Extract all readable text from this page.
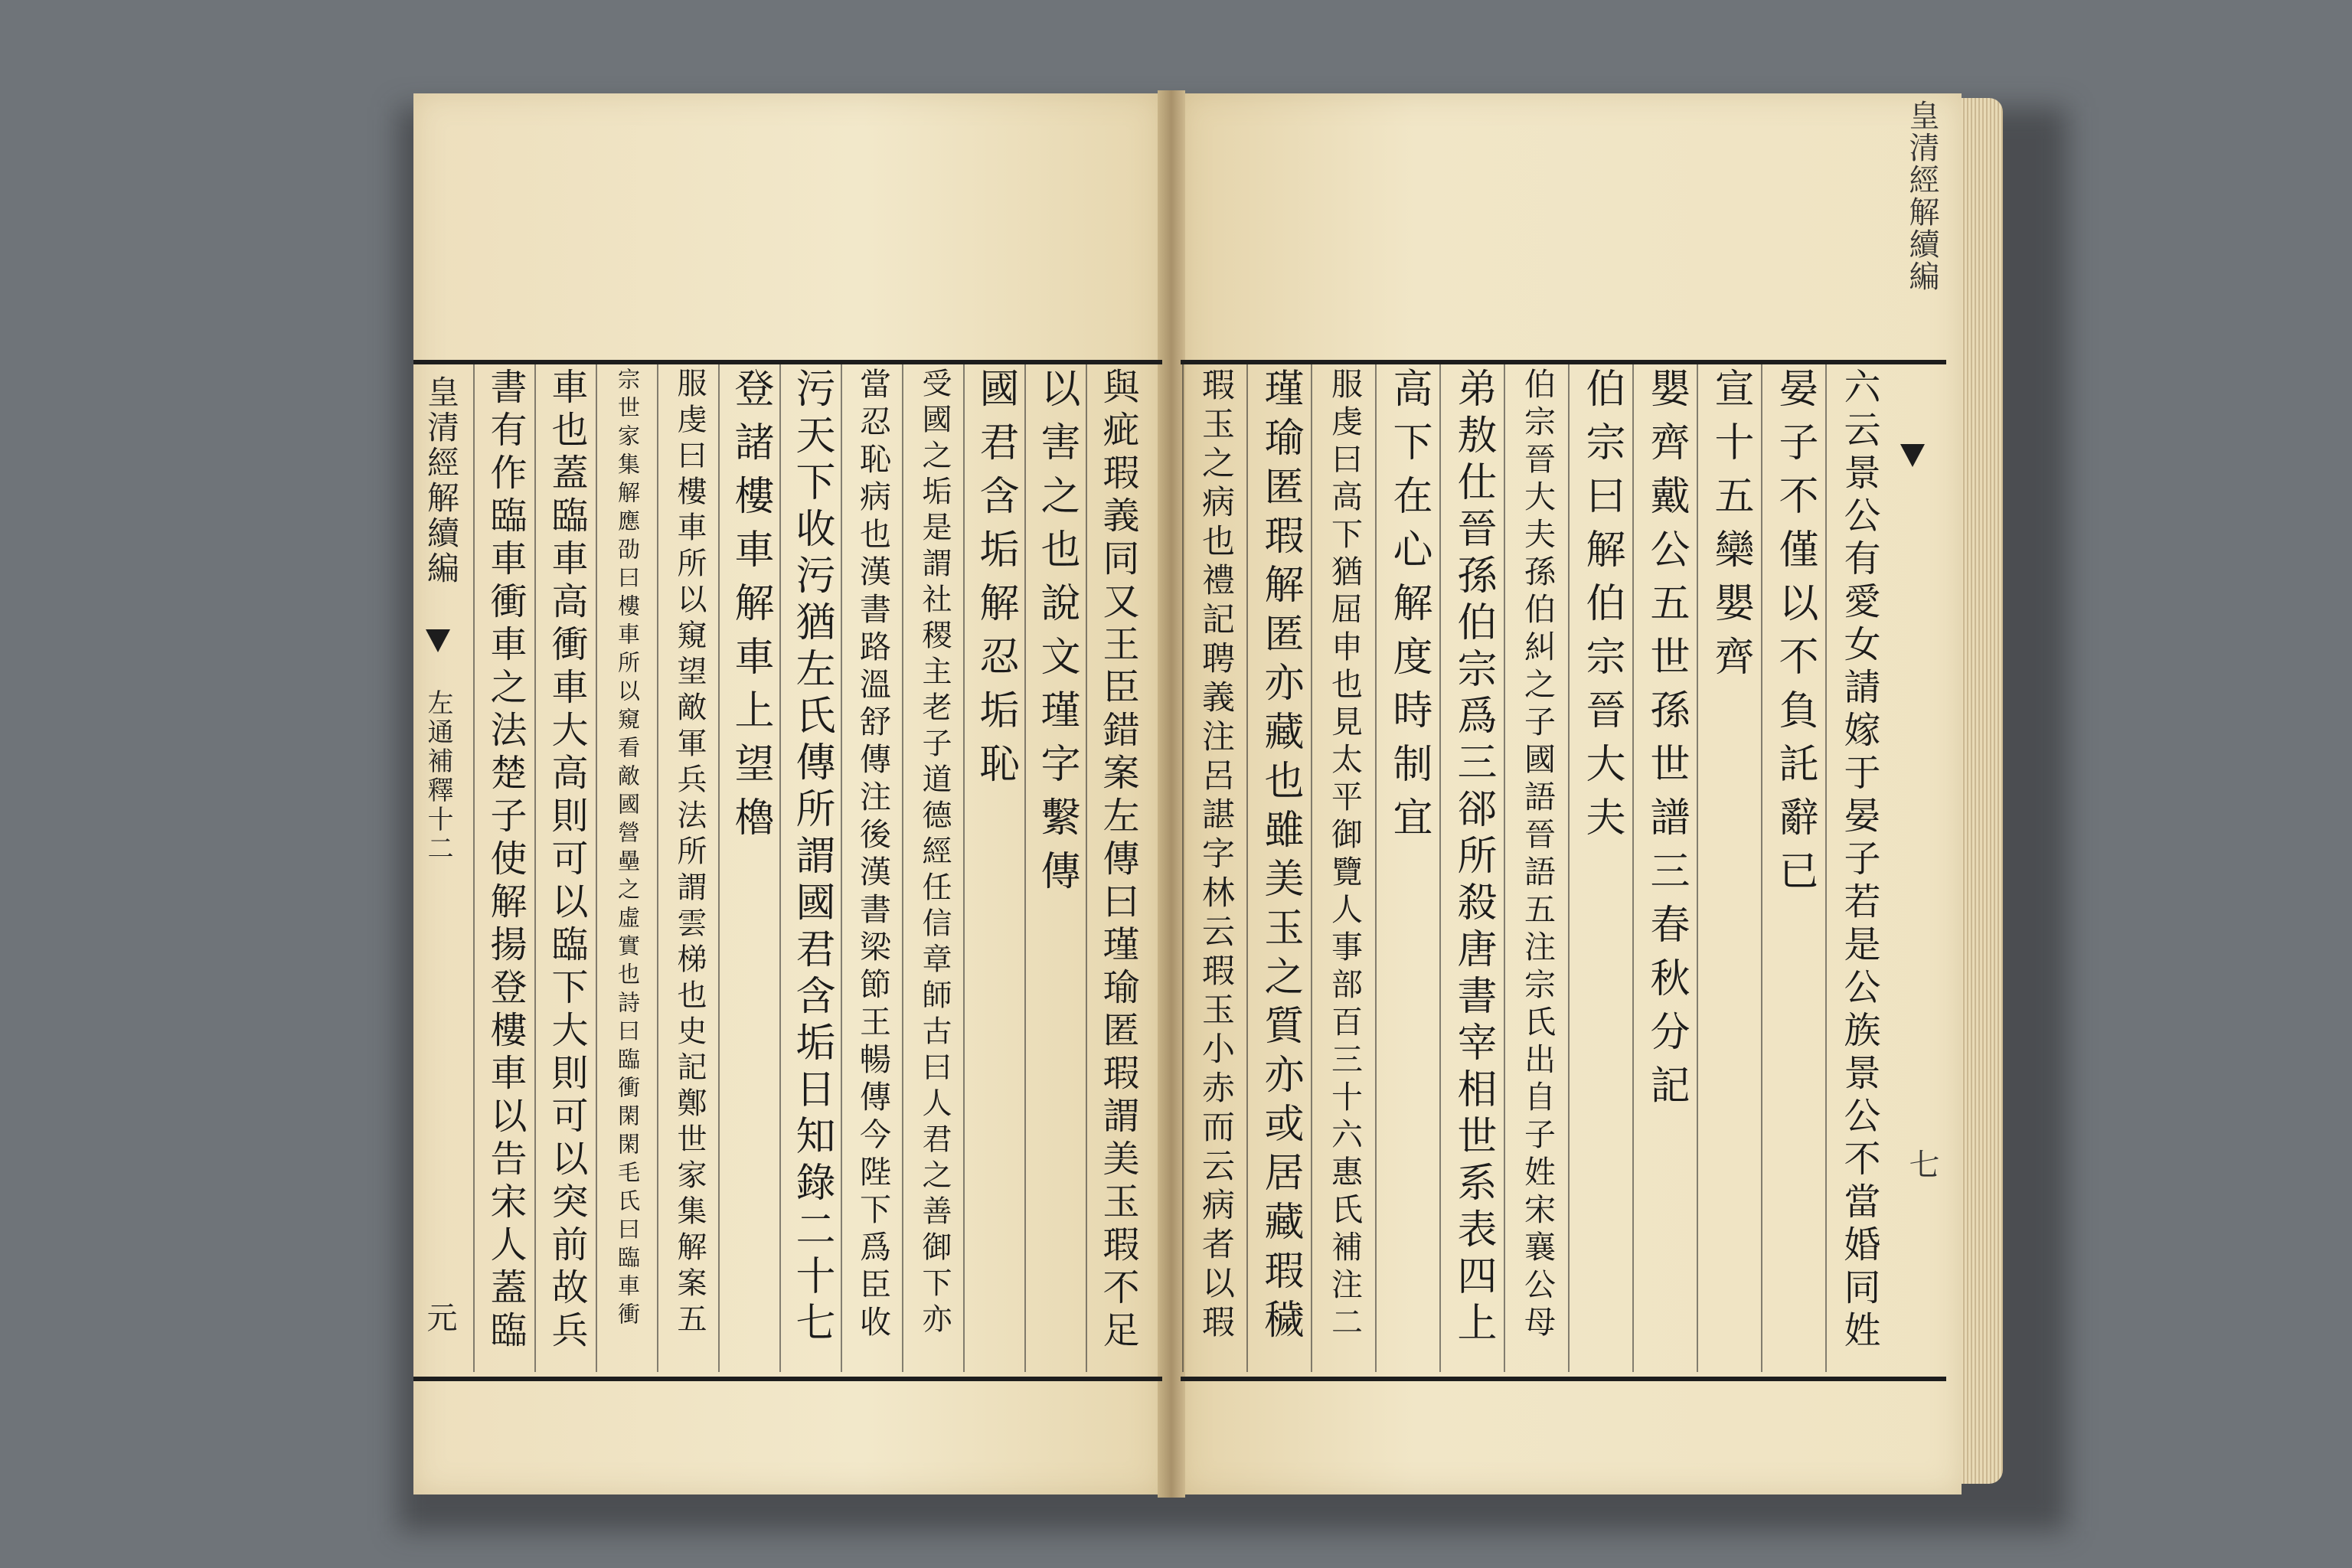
皇清經解續編
左通補釋十二
元
皇清經解續編
七
六云景公有愛女請嫁于晏子若是公族景公不當婚同姓
晏子不僅以不負託辭已
宣十五欒嬰齊
嬰齊戴公五世孫世譜三春秋分記
伯宗曰解伯宗晉大夫
伯宗晉大夫孫伯糾之子國語晉語五注宗氏出自子姓宋襄公母
弟敖仕晉孫伯宗爲三郤所殺唐書宰相世系表四上
高下在心解度時制宜
服虔曰高下猶屈申也見太平御覽人事部百三十六惠氏補注二
瑾瑜匿瑕解匿亦藏也雖美玉之質亦或居藏瑕穢
瑕玉之病也禮記聘義注呂諶字林云瑕玉小赤而云病者以瑕
與疵瑕義同又王臣錯案左傳曰瑾瑜匿瑕謂美玉瑕不足
以害之也說文瑾字繫傳
國君含垢解忍垢恥
受國之垢是謂社稷主老子道德經任信章師古曰人君之善御下亦
當忍恥病也漢書路溫舒傳注後漢書梁節王暢傳今陛下爲臣收
污天下收污猶左氏傳所謂國君含垢日知錄二十七
登諸樓車解車上望櫓
服虔曰樓車所以窺望敵軍兵法所謂雲梯也史記鄭世家集解案五
宗世家集解應劭曰樓車所以窺看敵國營壘之虛實也詩曰臨衝閑閑毛氏曰臨車衝
車也蓋臨車高衝車大高則可以臨下大則可以突前故兵
書有作臨車衝車之法楚子使解揚登樓車以告宋人蓋臨
